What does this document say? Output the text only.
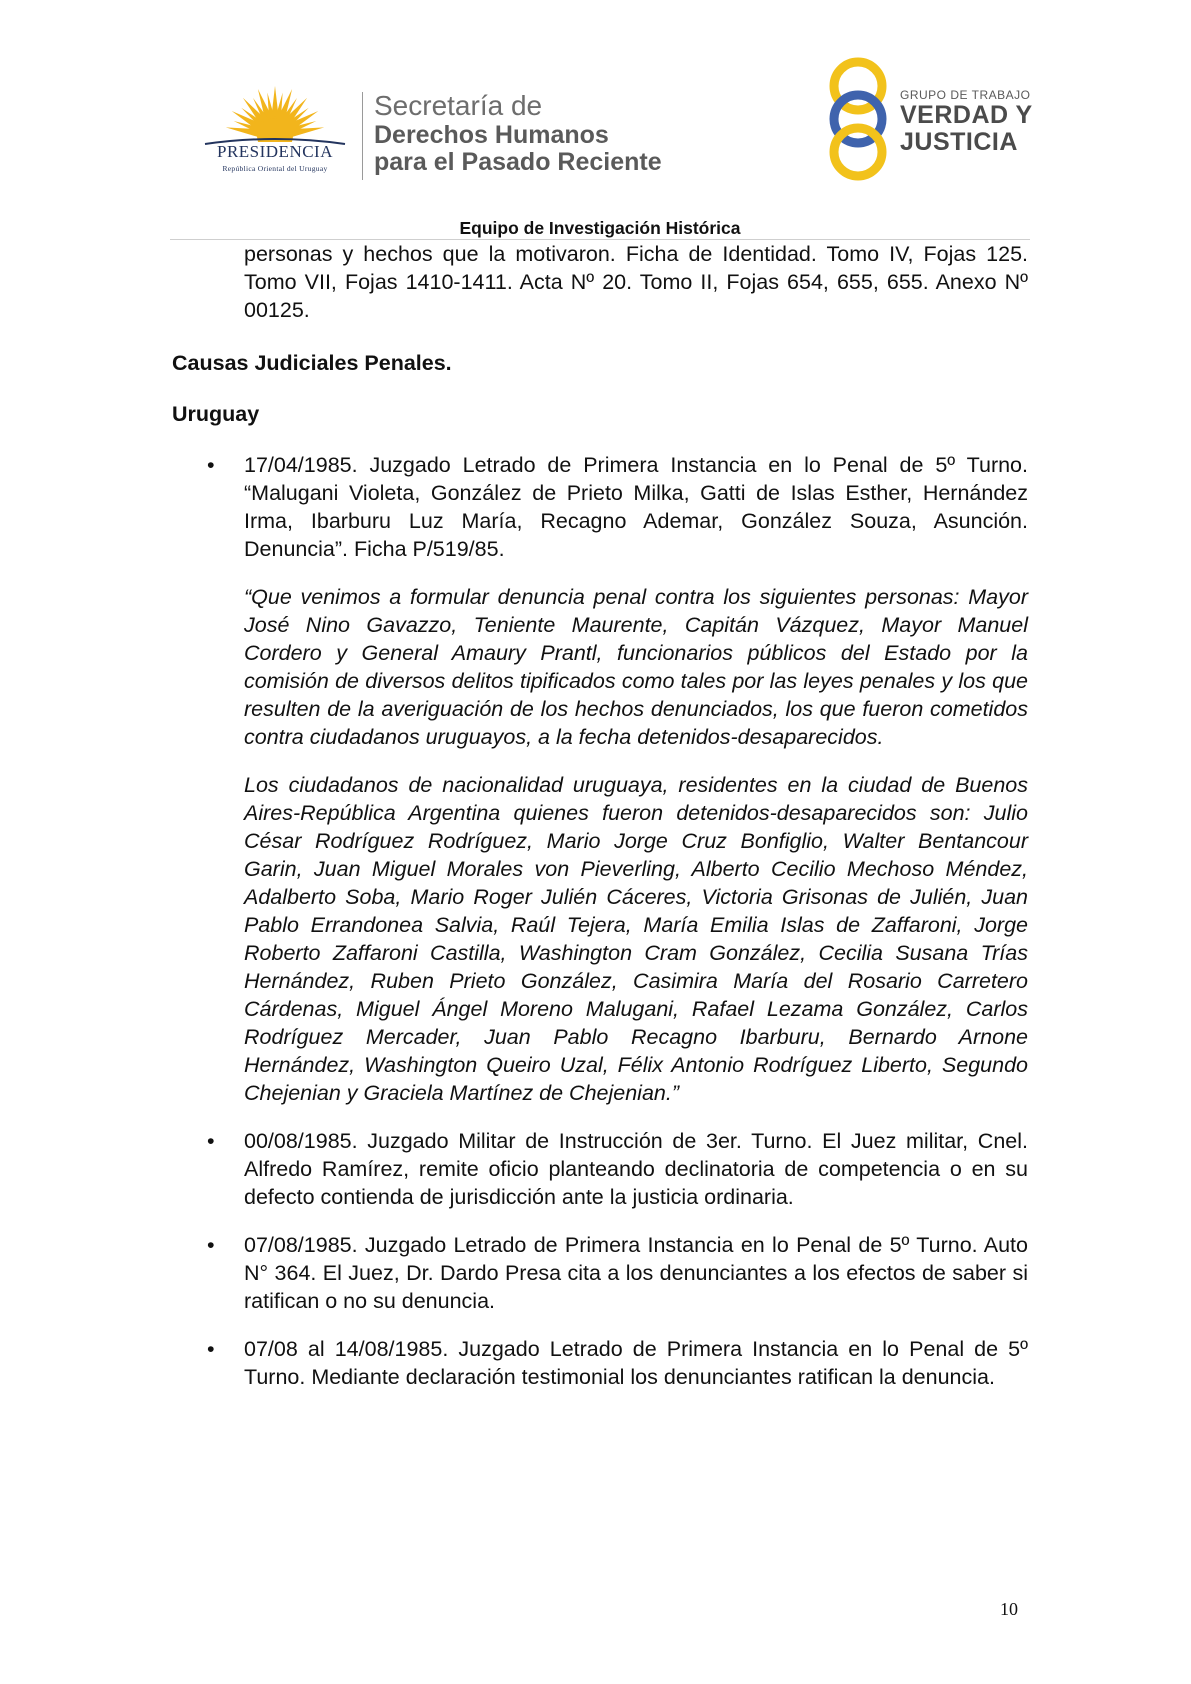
PRESIDENCIA
República Oriental del Uruguay
Secretaría de
Derechos Humanos
para el Pasado Reciente
GRUPO DE TRABAJO
VERDAD Y
JUSTICIA
Equipo de Investigación Histórica

personas y hechos que la motivaron. Ficha de Identidad. Tomo IV, Fojas 125. Tomo VII, Fojas 1410-1411. Acta Nº 20. Tomo II, Fojas 654, 655, 655. Anexo Nº 00125.

Causas Judiciales Penales.

Uruguay

• 17/04/1985. Juzgado Letrado de Primera Instancia en lo Penal de 5º Turno. “Malugani Violeta, González de Prieto Milka, Gatti de Islas Esther, Hernández Irma, Ibarburu Luz María, Recagno Ademar, González Souza, Asunción. Denuncia”. Ficha P/519/85.

“Que venimos a formular denuncia penal contra los siguientes personas: Mayor José Nino Gavazzo, Teniente Maurente, Capitán Vázquez, Mayor Manuel Cordero y General Amaury Prantl, funcionarios públicos del Estado por la comisión de diversos delitos tipificados como tales por las leyes penales y los que resulten de la averiguación de los hechos denunciados, los que fueron cometidos contra ciudadanos uruguayos, a la fecha detenidos-desaparecidos.

Los ciudadanos de nacionalidad uruguaya, residentes en la ciudad de Buenos Aires-República Argentina quienes fueron detenidos-desaparecidos son: Julio César Rodríguez Rodríguez, Mario Jorge Cruz Bonfiglio, Walter Bentancour Garin, Juan Miguel Morales von Pieverling, Alberto Cecilio Mechoso Méndez, Adalberto Soba, Mario Roger Julién Cáceres, Victoria Grisonas de Julién, Juan Pablo Errandonea Salvia, Raúl Tejera, María Emilia Islas de Zaffaroni, Jorge Roberto Zaffaroni Castilla, Washington Cram González, Cecilia Susana Trías Hernández, Ruben Prieto González, Casimira María del Rosario Carretero Cárdenas, Miguel Ángel Moreno Malugani, Rafael Lezama González, Carlos Rodríguez Mercader, Juan Pablo Recagno Ibarburu, Bernardo Arnone Hernández, Washington Queiro Uzal, Félix Antonio Rodríguez Liberto, Segundo Chejenian y Graciela Martínez de Chejenian.”

• 00/08/1985. Juzgado Militar de Instrucción de 3er. Turno. El Juez militar, Cnel. Alfredo Ramírez, remite oficio planteando declinatoria de competencia o en su defecto contienda de jurisdicción ante la justicia ordinaria.
• 07/08/1985. Juzgado Letrado de Primera Instancia en lo Penal de 5º Turno. Auto N° 364. El Juez, Dr. Dardo Presa cita a los denunciantes a los efectos de saber si ratifican o no su denuncia.
• 07/08 al 14/08/1985. Juzgado Letrado de Primera Instancia en lo Penal de 5º Turno. Mediante declaración testimonial los denunciantes ratifican la denuncia.
10
